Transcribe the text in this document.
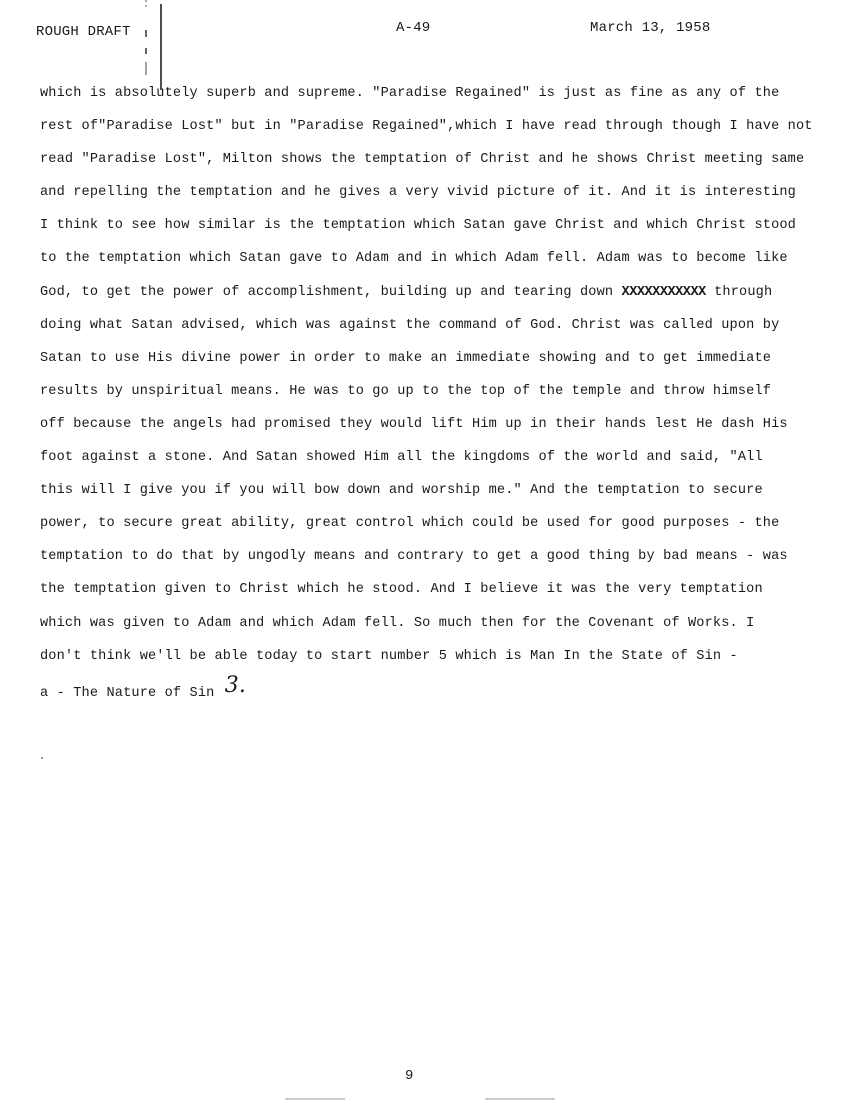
ROUGH DRAFT	A-49	March 13, 1958
which is absolutely superb and supreme. "Paradise Regained" is just as fine as any of the
rest of"Paradise Lost" but in "Paradise Regained",which I have read through though I have not
read "Paradise Lost", Milton shows the temptation of Christ and he shows Christ meeting same
and repelling the temptation and he gives a very vivid picture of it. And it is interesting
I think to see how similar is the temptation which Satan gave Christ and which Christ stood
to the temptation which Satan gave to Adam and in which Adam fell. Adam was to become like
God, to get the power of accomplishment, building up and tearing down XXXXXXXXXXX through
doing what Satan advised, which was against the command of God. Christ was called upon by
Satan to use His divine power in order to make an immediate showing and to get immediate
results by unspiritual means. He was to go up to the top of the temple and throw himself
off because the angels had promised they would lift Him up in their hands lest He dash His
foot against a stone. And Satan showed Him all the kingdoms of the world and said, "All
this will I give you if you will bow down and worship me." And the temptation to secure
power, to secure great ability, great control which could be used for good purposes - the
temptation to do that by ungodly means and contrary to get a good thing by bad means - was
the temptation given to Christ which he stood. And I believe it was the very temptation
which was given to Adam and which Adam fell. So much then for the Covenant of Works. I
don't think we'll be able today to start number 5 which is Man In the State of Sin -
a - The Nature of Sin 3.
9
